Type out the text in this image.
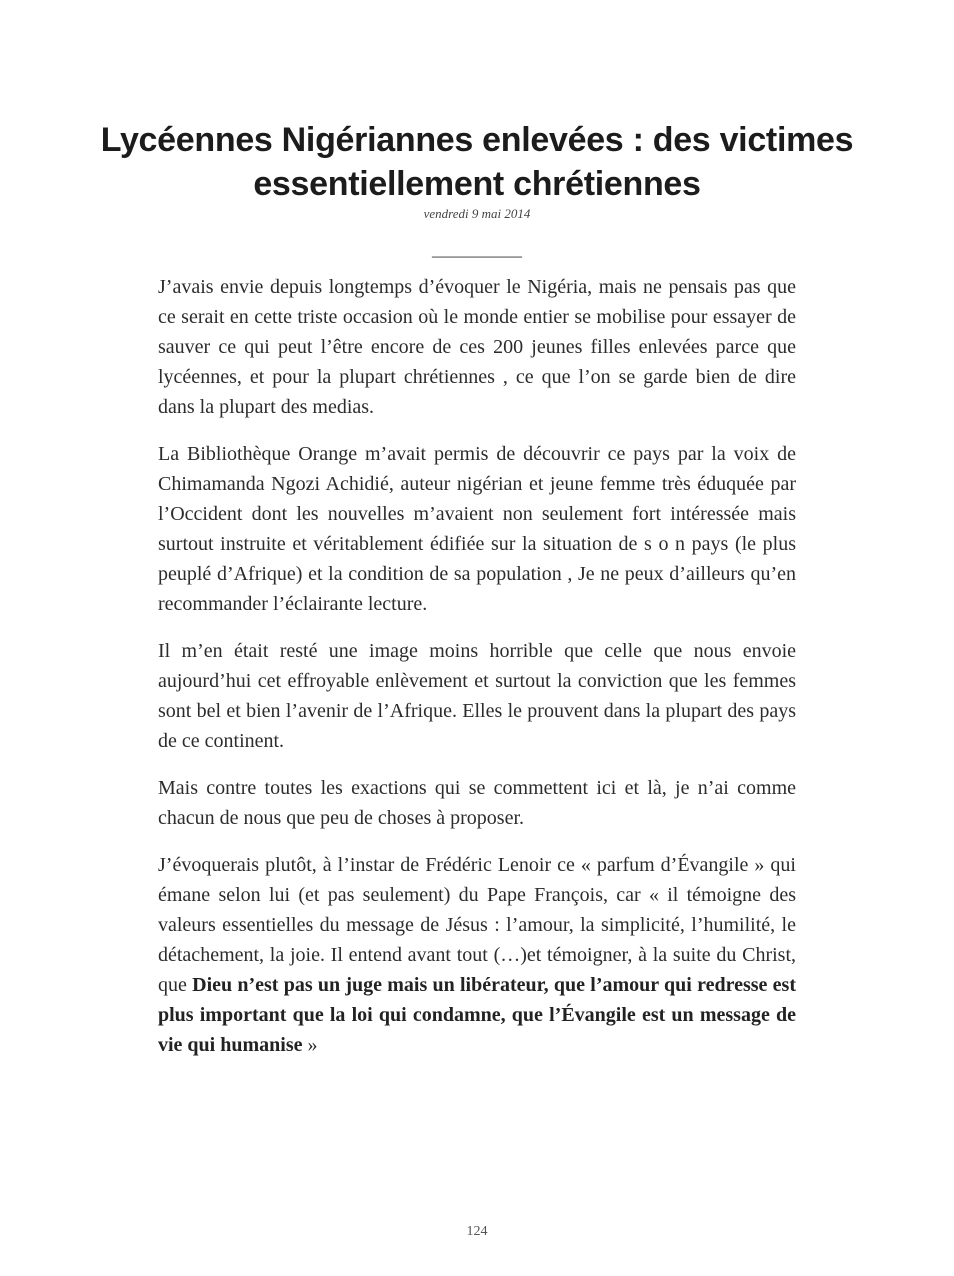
Lycéennes Nigériannes enlevées : des victimes essentiellement chrétiennes
vendredi 9 mai 2014
__________

J’avais envie depuis longtemps d’évoquer le Nigéria, mais ne pensais pas que ce serait en cette triste occasion où le monde entier se mobilise pour essayer de sauver ce qui peut l’être encore de ces 200 jeunes filles enlevées parce que lycéennes, et pour la plupart chrétiennes , ce que l’on se garde bien de dire dans la plupart des medias.

La Bibliothèque Orange m’avait permis de découvrir ce pays par la voix de Chimamanda Ngozi Achidié, auteur nigérian et jeune femme très éduquée par l’Occident dont les nouvelles m’avaient non seulement fort intéressée mais surtout instruite et véritablement édifiée sur la situation de s o n pays (le plus peuplé d’Afrique) et la condition de sa population , Je ne peux d’ailleurs qu’en recommander l’éclairante lecture.

Il m’en était resté une image moins horrible que celle que nous envoie aujourd’hui cet effroyable enlèvement et surtout la conviction que les femmes sont bel et bien l’avenir de l’Afrique. Elles le prouvent dans la plupart des pays de ce continent.

Mais contre toutes les exactions qui se commettent ici et là, je n’ai comme chacun de nous que peu de choses à proposer.

J’évoquerais plutôt, à l’instar de Frédéric Lenoir ce « parfum d’Évangile » qui émane selon lui (et pas seulement) du Pape François, car « il témoigne des valeurs essentielles du message de Jésus : l’amour, la simplicité, l’humilité, le détachement, la joie. Il entend avant tout (…)et témoigner, à la suite du Christ, que Dieu n’est pas un juge mais un libérateur, que l’amour qui redresse est plus important que la loi qui condamne, que l’Évangile est un message de vie qui humanise »

124
